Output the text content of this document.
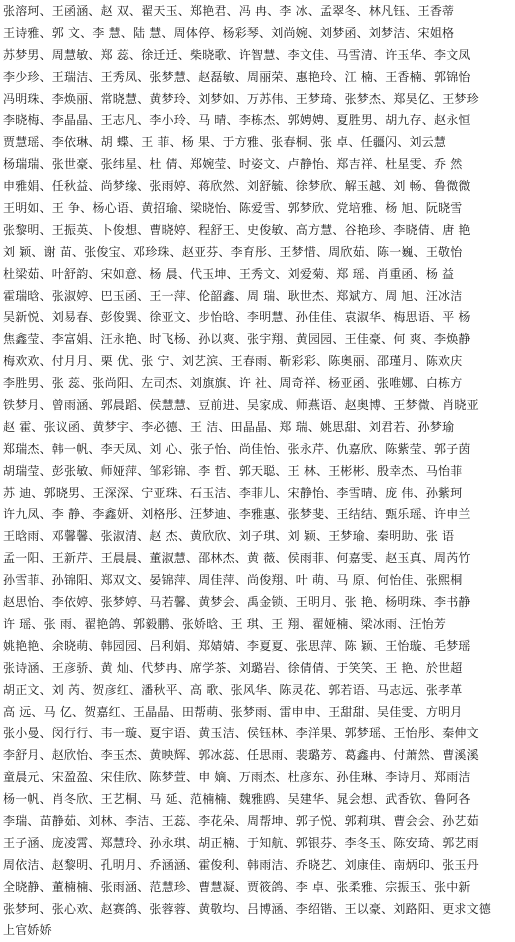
张溶珂、王函涵、赵 双、翟天玉、郑艳君、冯 冉、李 冰、孟翠冬、林凡钰、王香蒂
王诗雅、郭 文、李 慧、陆 慧、周体停、杨彩琴、刘尚婉、刘梦函、刘梦洁、宋姐格
苏梦男、周慧敏、郑 蕊、徐迁迁、柴晓歌、许智慧、李文佳、马雪清、许玉华、李文凤
李少珍、王瑞洁、王秀凤、张梦慧、赵磊敏、周丽荣、惠艳玲、江 楠、王香楠、郭锦怡
冯明珠、李焕丽、常晓慧、黄梦玲、刘梦如、万苏伟、王梦琦、张梦杰、郑昊亿、王梦珍
李晓梅、李晶晶、王志凡、李小玲、马 晴、李栋杰、郭娉娉、夏胜男、胡九存、赵永恒
贾慧瑶、李依琳、胡 蝶、王 菲、杨 果、于方雅、张春桐、张 卓、任疆闪、刘云慧
杨瑞瑞、张世豪、张纬星、杜 倩、郑婉莹、时姿文、卢静怡、郑吉祥、杜星雯、乔 然
申雅娟、任秋益、尚梦缘、张雨婷、蒋欣然、刘舒毓、徐梦欣、解玉越、刘 畅、鲁微微
王明如、王 争、杨心语、黄招瑜、梁晓怡、陈爱雪、郭梦欣、党培雅、杨 旭、阮晓雪
张黎明、王振英、卜俊想、曹晓婷、程舒王、史俊敏、高方慧、谷艳珍、李晓倩、唐 艳
刘 颖、谢 苗、张俊宝、邓珍珠、赵亚芬、李育彤、王梦惜、周欣茹、陈一巍、王敬怡
杜梁茹、叶舒韵、宋如意、杨 晨、代玉坤、王秀文、刘爱菊、郑 瑶、肖重函、杨 益
霍瑞晗、张淑婷、巴玉函、王一萍、伦韶鑫、周 瑞、耿世杰、郑斌方、周 旭、汪冰洁
吴新悦、刘易春、彭俊巽、徐亚文、步怡晗、李明慧、孙佳佳、袁淑华、梅思语、平 杨
焦鑫莹、李富娟、汪永艳、时飞杨、孙以爽、张宇翔、黄园园、王佳豪、何 爽、李焕静
梅欢欢、付月月、栗 优、张 宁、刘艺滨、王春雨、靳彩彩、陈奥丽、邵瑾月、陈欢庆
李胜男、张 蕊、张尚阳、左司杰、刘旗旗、许 社、周奇祥、杨亚函、张唯娜、白栋方
铁梦月、曾雨涵、郭晨蹈、侯慧慧、豆前进、吴家成、师燕语、赵奥博、王梦微、肖晓亚
赵 霍、张议函、黄梦宇、李必德、王 洁、田晶晶、郑 瑞、姚思甜、刘君若、孙梦瑜
郑瑞杰、韩一帆、李天凤、刘 心、张子怡、尚佳怡、张永芹、仇嘉欣、陈紫莹、郭子茵
胡瑞莹、彭张敏、师娅萍、邹彩锦、李 哲、郭天聪、王 林、王彬彬、殷幸杰、马怡菲
苏 迪、郭晓男、王深深、宁亚珠、石玉洁、李菲儿、宋静怡、李雪晴、庞 伟、孙紫珂
许九凤、李 静、李鑫妍、刘格彤、汪梦迪、李雅惠、张梦斐、王结结、甄乐瑶、许申兰
王晗雨、邓馨馨、张淑清、赵 杰、黄欣欣、刘子琪、刘 颖、王梦瑜、秦明助、张 语
孟一阳、王新芹、王晨晨、董淑慧、邵林杰、黄 薇、侯雨菲、何嘉雯、赵玉真、周芮竹
孙雪菲、孙锦阳、郑双文、晏锦萍、周佳萍、尚俊翔、叶 萌、马 原、何怡佳、张熙桐
赵思怡、李依婷、张梦婷、马若馨、黄梦会、禹金锁、王明月、张 艳、杨明珠、李书静
许 瑶、张 雨、翟艳鸽、郭毅鹏、张娇晗、王 琪、王 翔、翟娅楠、梁冰雨、汪怡芳
姚艳艳、余晓萌、韩园园、吕利娟、郑婧婧、李夏夏、张思萍、陈 颖、王怡璇、毛梦瑶
张诗涵、王彦骄、黄 灿、代梦冉、席学茶、刘璐岩、徐倩倩、于笑笑、王 艳、於世超
胡正文、刘 芮、贺彦红、潘秋平、高 歌、张风华、陈灵花、郭若语、马志远、张孝革
高 远、马 亿、贺嘉红、王晶晶、田帮萌、张梦雨、雷申申、王甜甜、吴佳雯、方明月
张小曼、闵行行、韦一璇、夏宇语、黄玉洁、侯钰林、李洋果、郭梦瑶、王怡彤、秦伸文
李舒月、赵欣怡、李玉杰、黄映辉、郭冰蕊、任思雨、裴璐芳、葛鑫冉、付萧然、曹溪溪
童晨元、宋盈盈、宋佳欣、陈梦萱、申 嫡、万雨杰、杜彦东、孙佳琳、李诗月、郑雨洁
杨一帆、肖冬欣、王艺桐、马 延、范楠楠、魏雅鸥、吴建华、晁会想、武香钦、鲁阿各
李瑞、苗静茹、刘林、李洁、王蕊、李花朵、周帮坤、郭子悦、郭莉琪、曹会会、孙艺茹
王子涵、庞凌霄、郑慧玲、孙永琪、胡正楠、于知航、郭银芬、李冬玉、陈安琦、郭艺雨
周依洁、赵黎明、孔明月、乔涵涵、霍俊利、韩雨洁、乔晓艺、刘康佳、南炳印、张玉丹
全晓静、董楠楠、张雨涵、范慧珍、曹慧凝、贾筱鸽、李 卓、张柔雅、宗振玉、张中新
张梦珂、张心欢、赵赛鸽、张蓉蓉、黄敬均、吕博涵、李绍锴、王以豪、刘路阳、更求文德
上官娇娇
